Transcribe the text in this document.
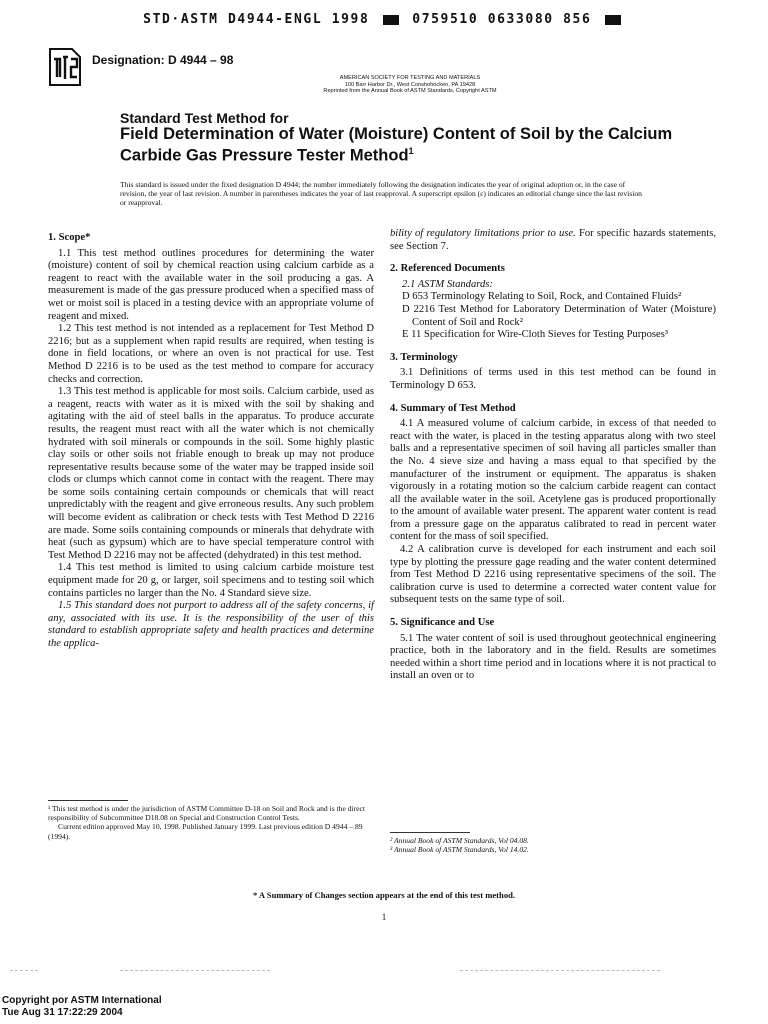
STD·ASTM D4944-ENGL 1998	0759510 0633080 856
Designation: D 4944 – 98
AMERICAN SOCIETY FOR TESTING AND MATERIALS
100 Barr Harbor Dr., West Conshohocken, PA 19428
Reprinted from the Annual Book of ASTM Standards, Copyright ASTM
Standard Test Method for
Field Determination of Water (Moisture) Content of Soil by the Calcium Carbide Gas Pressure Tester Method$^1$
This standard is issued under the fixed designation D 4944; the number immediately following the designation indicates the year of original adoption or, in the case of revision, the year of last revision. A number in parentheses indicates the year of last reapproval. A superscript epsilon (ε) indicates an editorial change since the last revision or reapproval.
1. Scope*

1.1 This test method outlines procedures for determining the water (moisture) content of soil by chemical reaction using calcium carbide as a reagent to react with the available water in the soil producing a gas. A measurement is made of the gas pressure produced when a specified mass of wet or moist soil is placed in a testing device with an appropriate volume of reagent and mixed.

1.2 This test method is not intended as a replacement for Test Method D 2216; but as a supplement when rapid results are required, when testing is done in field locations, or where an oven is not practical for use. Test Method D 2216 is to be used as the test method to compare for accuracy checks and correction.

1.3 This test method is applicable for most soils. Calcium carbide, used as a reagent, reacts with water as it is mixed with the soil by shaking and agitating with the aid of steel balls in the apparatus. To produce accurate results, the reagent must react with all the water which is not chemically hydrated with soil minerals or compounds in the soil. Some highly plastic clay soils or other soils not friable enough to break up may not produce representative results because some of the water may be trapped inside soil clods or clumps which cannot come in contact with the reagent. There may be some soils containing certain compounds or chemicals that will react unpredictably with the reagent and give erroneous results. Any such problem will become evident as calibration or check tests with Test Method D 2216 are made. Some soils containing compounds or minerals that dehydrate with heat (such as gypsum) which are to have special temperature control with Test Method D 2216 may not be affected (dehydrated) in this test method.

1.4 This test method is limited to using calcium carbide moisture test equipment made for 20 g, or larger, soil specimens and to testing soil which contains particles no larger than the No. 4 Standard sieve size.

1.5 This standard does not purport to address all of the safety concerns, if any, associated with its use. It is the responsibility of the user of this standard to establish appropriate safety and health practices and determine the applica-

bility of regulatory limitations prior to use. For specific hazards statements, see Section 7.

2. Referenced Documents

2.1 ASTM Standards:

D 653 Terminology Relating to Soil, Rock, and Contained Fluids²

D 2216 Test Method for Laboratory Determination of Water (Moisture) Content of Soil and Rock²

E 11 Specification for Wire-Cloth Sieves for Testing Purposes³

3. Terminology

3.1 Definitions of terms used in this test method can be found in Terminology D 653.

4. Summary of Test Method

4.1 A measured volume of calcium carbide, in excess of that needed to react with the water, is placed in the testing apparatus along with two steel balls and a representative specimen of soil having all particles smaller than the No. 4 sieve size and having a mass equal to that specified by the manufacturer of the instrument or equipment. The apparatus is shaken vigorously in a rotating motion so the calcium carbide reagent can contact all the available water in the soil. Acetylene gas is produced proportionally to the amount of available water present. The apparent water content is read from a pressure gage on the apparatus calibrated to read in percent water content for the mass of soil specified.

4.2 A calibration curve is developed for each instrument and each soil type by plotting the pressure gage reading and the water content determined from Test Method D 2216 using representative specimens of the soil. The calibration curve is used to determine a corrected water content value for subsequent tests on the same type of soil.

5. Significance and Use

5.1 The water content of soil is used throughout geotechnical engineering practice, both in the laboratory and in the field. Results are sometimes needed within a short time period and in locations where it is not practical to install an oven or to

¹ This test method is under the jurisdiction of ASTM Committee D-18 on Soil and Rock and is the direct responsibility of Subcommittee D18.08 on Special and Construction Control Tests.
Current edition approved May 10, 1998. Published January 1999. Last previous edition D 4944 – 89 (1994).	² Annual Book of ASTM Standards, Vol 04.08.
³ Annual Book of ASTM Standards, Vol 14.02.
* A Summary of Changes section appears at the end of this test method.
1
Copyright por ASTM International
Tue Aug 31 17:22:29 2004
